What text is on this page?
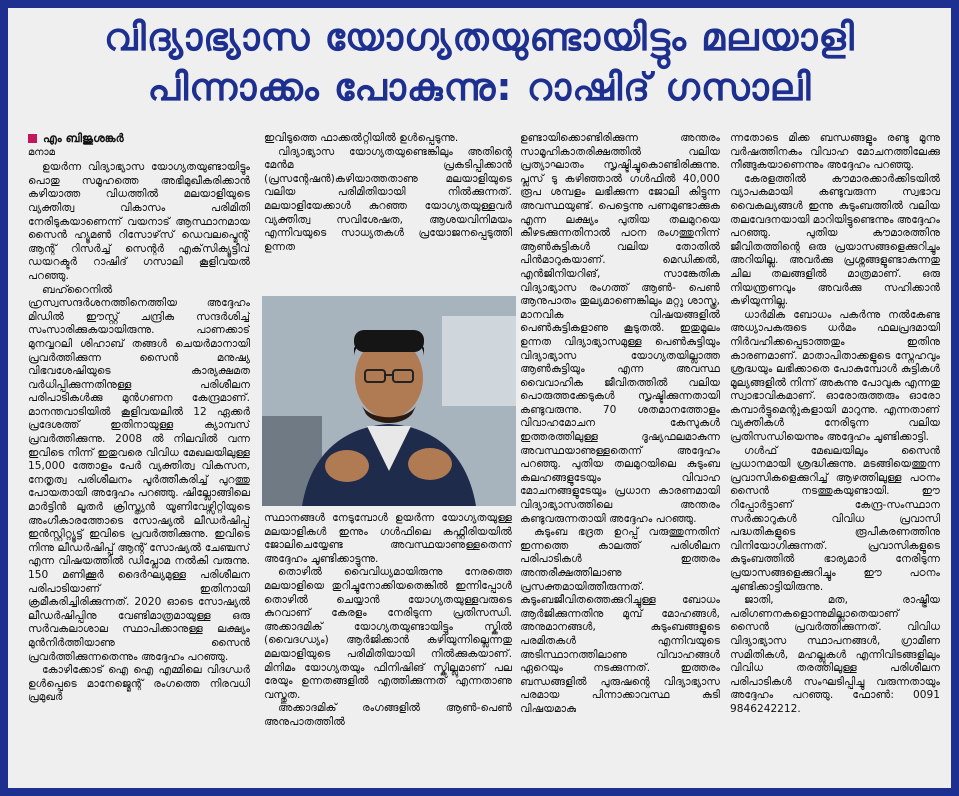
വിദ്യാഭ്യാസ യോഗ്യതയുണ്ടായിട്ടും മലയാളി
പിന്നാക്കം പോകുന്നു: റാഷിദ് ഗസാലി
എം ബിജുശങ്കർ
മനാമ

ഉയർന്ന വിദ്യാഭ്യാസ യോഗ്യതയുണ്ടായിട്ടും പൊതു സമൂഹത്തെ അഭിമുഖീകരിക്കാൻ കഴിയാത്ത വിധത്തിൽ മലയാളിയുടെ വ്യക്തിത്വ വികാസം പരിമിതി നേരിടുകയാണെന്ന് വയനാട് ആസ്ഥാനമായ സൈൻ ഹ്യൂമൺ റിസോഴ്‌സ് ഡെവലപ്മെന്റ് ആന്റ് റിസർച്ച് സെന്റർ എക്‌സിക്യൂട്ടീവ് ഡയറക്ടർ റാഷിദ് ഗസാലി കൂളിവയൽ പറഞ്ഞു.

ബഹ്റൈനിൽ ഹ്രസ്വസന്ദർശനത്തിനെത്തിയ അദ്ദേഹം മിഡിൽ ഈസ്റ്റ് ചന്ദ്രിക സന്ദർശിച്ച് സംസാരിക്കുകയായിരുന്നു. പാണക്കാട് മുനവ്വറലി ശിഹാബ് തങ്ങൾ ചെയർമാനായി പ്രവർത്തിക്കുന്ന സൈൻ മനുഷ്യ വിഭവശേഷിയുടെ കാര്യക്ഷമത വർധിപ്പിക്കുന്നതിനുള്ള പരിശീലന പരിപാടികൾക്കു മുൻഗണന കേന്ദ്രമാണ്. മാനന്തവാടിയിൽ കൂളിവയലിൽ 12 ഏക്കർ പ്രദേശത്ത് ഇതിനായുള്ള ക്യാമ്പസ് പ്രവർത്തിക്കുന്നു. 2008 ൽ നിലവിൽ വന്ന ഇവിടെ നിന്ന് ഇതുവരെ വിവിധ മേഖലയിലുള്ള 15,000 ത്തോളം പേർ വ്യക്തിത്വ വികസന, നേതൃത്വ പരിശീലനം പൂർത്തീകരിച്ച് പുറത്തു പോയതായി അദ്ദേഹം പറഞ്ഞു. ഷില്ലോങ്ങിലെ മാർട്ടിൻ ലൂതർ ക്രിസ്ത്യൻ യൂണിവേഴ്സിറ്റിയുടെ അംഗീകാരത്തോടെ സോഷ്യൽ ലീഡർഷിപ്പ് ഇൻസ്റ്റിറ്റ്യൂട്ട് ഇവിടെ പ്രവർത്തിക്കുന്നു. ഇവിടെ നിന്നു ലീഡർഷിപ്പ് ആന്റ് സോഷ്യൽ ചേഞ്ചസ് എന്ന വിഷയത്തിൽ ഡിപ്ലോമ നൽകി വരുന്നു. 150 മണിക്കൂർ ദൈർഘ്യമുള്ള പരിശീലന പരിപാടിയാണ് ഇതിനായി ക്രമീകരിച്ചിരിക്കുന്നത്. 2020 ഓടെ സോഷ്യൽ ലീഡർഷിപ്പിനു വേണ്ടിമാത്രമായുള്ള ഒരു സർവകലാശാല സ്ഥാപിക്കാനുള്ള ലക്ഷ്യം മുൻനിർത്തിയാണു സൈൻ പ്രവർത്തിക്കുന്നതെന്നും അദ്ദേഹം പറഞ്ഞു.

കോഴിക്കോട് ഐ ഐ എമ്മിലെ വിദഗ്ധർ ഉൾപ്പെടെ മാനേജ്മെന്റ് രംഗത്തെ നിരവധി പ്രമുഖർ

ഇവിടുത്തെ ഫാക്കൽറ്റിയിൽ ഉൾപ്പെടുന്നു.

വിദ്യാഭ്യാസ യോഗ്യതയുണ്ടെങ്കിലും അതിന്റെ മേൻമ പ്രകടിപ്പിക്കാൻ (പ്രസന്റേഷൻ)കഴിയാത്തതാണു മലയാളിയുടെ വലിയ പരിമിതിയായി നിൽക്കുന്നത്. മലയാളിയേക്കാൾ കുറഞ്ഞ യോഗ്യതയുള്ളവർ വ്യക്തിത്വ സവിശേഷത, ആശയവിനിമയം എന്നിവയുടെ സാധ്യതകൾ പ്രയോജനപ്പെടുത്തി ഉന്നത

സ്ഥാനങ്ങൾ നേടുമ്പോൾ ഉയർന്ന യോഗ്യതയുള്ള മലയാളികൾ ഇന്നും ഗൾഫിലെ കഫ്റ്റീരിയയിൽ ജോലിചെയ്യേണ്ട അവസ്ഥയാണുള്ളതെന്ന് അദ്ദേഹം ചൂണ്ടിക്കാട്ടുന്നു.

തൊഴിൽ വൈവിധ്യമായിരുന്നു നേരത്തെ മലയാളിയെ തുറിച്ചുനോക്കിയതെങ്കിൽ ഇന്നിപ്പോൾ തൊഴിൽ ചെയ്യാൻ യോഗ്യതയുള്ളവരുടെ കുറവാണ് കേരളം നേരിടുന്ന പ്രതിസന്ധി. അക്കാദമിക് യോഗ്യതയുണ്ടായിട്ടും സ്കിൽ (വൈദഗ്ധ്യം) ആർജിക്കാൻ കഴിയുന്നില്ലെന്നതു മലയാളിയുടെ പരിമിതിയായി നിൽക്കുകയാണ്. മിനിമം യോഗ്യതയും ഫിനിഷിങ് സ്കില്ലുമാണ് പല രേയും ഉന്നതങ്ങളിൽ എത്തിക്കുന്നത് എന്നതാണു വസ്തുത.

അക്കാദമിക് രംഗങ്ങളിൽ ആൺ-പെൺ അനുപാതത്തിൽ

ഉണ്ടായിക്കൊണ്ടിരിക്കുന്ന അന്തരം സാമൂഹികാതരിക്ഷത്തിൽ വലിയ പ്രത്യാഘാതം സൃഷ്ടിച്ചുകൊണ്ടിരിക്കുന്നു. പ്ലസ് ടു കഴിഞ്ഞാൽ ഗൾഫിൽ 40,000 രൂപ ശമ്പളം ലഭിക്കുന്ന ജോലി കിട്ടുന്ന അവസ്ഥയുണ്ട്. പെട്ടെന്നു പണമുണ്ടാക്കുക എന്ന ലക്ഷ്യം പുതിയ തലമുറയെ കീഴടക്കുന്നതിനാൽ പഠന രംഗത്തുനിന്ന് ആൺകുട്ടികൾ വലിയ തോതിൽ പിൻമാറുകയാണ്. മെഡിക്കൽ, എൻജിനിയറിങ്, സാങ്കേതിക വിദ്യാഭ്യാസ രംഗത്ത് ആൺ- പെൺ ആനുപാതം തുല്യമാണെങ്കിലും മറ്റു ശാസ്ത്ര, മാനവിക വിഷയങ്ങളിൽ പെൺകുട്ടികളാണു കൂടുതൽ. ഇതുമൂലം ഉന്നത വിദ്യാഭ്യാസമുള്ള പെൺകുട്ടിയും വിദ്യാഭ്യാസ യോഗ്യതയില്ലാത്ത ആൺകുട്ടിയും എന്ന അവസ്ഥ വൈവാഹിക ജീവിതത്തിൽ വലിയ പൊരുത്തക്കേടുകൾ സൃഷ്ടിക്കുന്നതായി കണ്ടുവരുന്നു. 70 ശതമാനത്തോളം വിവാഹമോചന കേസുകൾ ഇത്തരത്തിലുള്ള ദൂഷ്യഫലമാകുന്ന അവസ്ഥയാണുള്ളതെന്ന് അദ്ദേഹം പറഞ്ഞു. പുതിയ തലമുറയിലെ കുടുംബ കലഹങ്ങളുടേയും വിവാഹ മോചനങ്ങളുടേയും പ്രധാന കാരണമായി വിദ്യാഭ്യാസത്തിലെ അന്തരം കണ്ടുവരുന്നതായി അദ്ദേഹം പറഞ്ഞു.

കുടുംബ ഭദ്രത ഉറപ്പ് വരുത്തുന്നതിന് ഇന്നത്തെ കാലത്ത് പരിശീലന പരിപാടികൾ ഇത്തരം അന്തരീക്ഷത്തിലാണു പ്രസക്തമായിത്തീരുന്നത്. കുടുംബജീവിതത്തെക്കുറിച്ചുള്ള ബോധം ആർജിക്കുന്നതിനു മുമ്പ് മോഹങ്ങൾ, അനുമാനങ്ങൾ, കുടുംബങ്ങളുടെ പരമിതകൾ എന്നിവയുടെ അടിസ്ഥാനത്തിലാണു വിവാഹങ്ങൾ ഏറെയും നടക്കുന്നത്. ഇത്തരം ബന്ധങ്ങളിൽ പുരുഷന്റെ വിദ്യാഭ്യാസ പരമായ പിന്നാക്കാവസ്ഥ കുടി വിഷയമാകു

ന്നതോടെ മിക്ക ബന്ധങ്ങളും രണ്ടു മൂന്നു വർഷത്തിനകം വിവാഹ മോചനത്തിലേക്കു നീങ്ങുകയാണെന്നും അദ്ദേഹം പറഞ്ഞു.

കേരളത്തിൽ കൗമാരക്കാർക്കിടയിൽ വ്യാപകമായി കണ്ടുവരുന്ന സ്വഭാവ വൈകല്യങ്ങൾ ഇന്നു കുടുംബത്തിൽ വലിയ തലവേദനയായി മാറിയിട്ടുണ്ടെന്നും അദ്ദേഹം പറഞ്ഞു. പുതിയ കൗമാരത്തിനു ജീവിതത്തിന്റെ ഒരു പ്രയാസങ്ങളെക്കുറിച്ചും അറിയില്ല. അവർക്കു പ്രശ്നങ്ങളുണ്ടാകുന്നതു ചില തലങ്ങളിൽ മാത്രമാണ്. ഒരു നിയന്ത്രണവും അവർക്കു സഹിക്കാൻ കഴിയുന്നില്ല.

ധാർമിക ബോധം പകർന്നു നൽകേണ്ട അധ്യാപകരുടെ ധർമം ഫലപ്രദമായി നിർവഹിക്കപ്പെടാത്തതും ഇതിനു കാരണമാണ്. മാതാപിതാക്കളുടെ സ്നേഹവും ശ്രദ്ധയും ലഭിക്കാതെ പോകുമ്പോൾ കുട്ടികൾ മൂല്യങ്ങളിൽ നിന്ന് അകന്നു പോവുക എന്നതു സ്വാഭാവികമാണ്. ഓരോരുത്തരും ഓരോ കമ്പാർട്ടുമെന്റുകളായി മാറുന്നു. എന്നതാണ് വ്യക്തികൾ നേരിടുന്ന വലിയ പ്രതിസന്ധിയെന്നും അദ്ദേഹം ചൂണ്ടിക്കാട്ടി.

ഗൾഫ് മേഖലയിലും സൈൻ പ്രധാനമായി ശ്രദ്ധിക്കുന്നു. മടങ്ങിയെത്തുന്ന പ്രവാസികളെക്കുറിച്ച് ആഴത്തിലുള്ള പഠനം സൈൻ നടത്തുകയുണ്ടായി. ഈ റിപ്പോർട്ടാണ് കേന്ദ്ര-സംസ്ഥാന സർക്കാറുകൾ വിവിധ പ്രവാസി പദ്ധതികളുടെ രൂപീകരണത്തിനു വിനിയോഗിക്കുന്നത്. പ്രവാസികളുടെ കുടുംബത്തിൽ ഭാര്യമാർ നേരിടുന്ന പ്രയാസങ്ങളെക്കുറിച്ചും ഈ പഠനം ചൂണ്ടിക്കാട്ടിയിരുന്നു.

ജാതി, മത, രാഷ്ട്രീയ പരിഗണനകളൊന്നുമില്ലാതെയാണ് സൈൻ പ്രവർത്തിക്കുന്നത്. വിവിധ വിദ്യാഭ്യാസ സ്ഥാപനങ്ങൾ, ഗ്രാമീണ സമിതികൾ, മഹല്ലുകൾ എന്നിവിടങ്ങളിലും വിവിധ തരത്തിലുള്ള പരിശീലന പരിപാടികൾ സംഘടിപ്പിച്ചു വരുന്നതായും അദ്ദേഹം പറഞ്ഞു. ഫോൺ: 0091 9846242212.
